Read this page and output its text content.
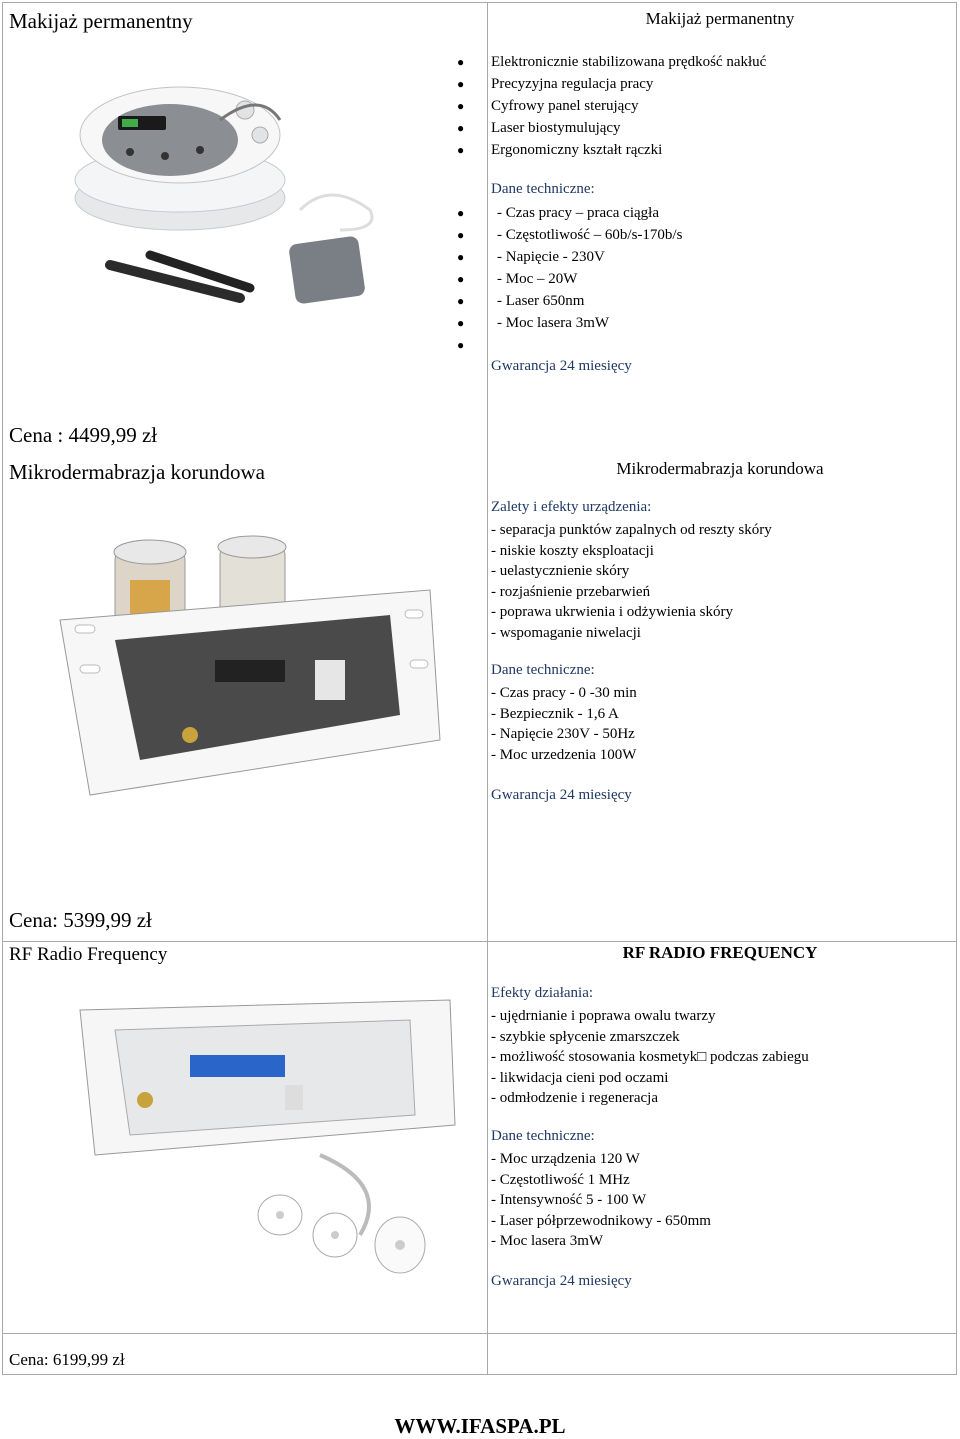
Makijaż permanentny	Makijaż permanentny
● Elektronicznie stabilizowana prędkość nakłuć
● Precyzyjna regulacja pracy
● Cyfrowy panel sterujący
● Laser biostymulujący
● Ergonomiczny kształt rączki
Dane techniczne:
● - Czas pracy – praca ciągła
● - Częstotliwość – 60b/s-170b/s
● - Napięcie - 230V
● - Moc – 20W
● - Laser 650nm
● - Moc lasera 3mW
●
Gwarancja 24 miesięcy
Cena : 4499,99 zł
Mikrodermabrazja korundowa	Mikrodermabrazja korundowa
Zalety i efekty urządzenia:
- separacja punktów zapalnych od reszty skóry
- niskie koszty eksploatacji
- uelastycznienie skóry
- rozjaśnienie przebarwień
- poprawa ukrwienia i odżywienia skóry
- wspomaganie niwelacji
Dane techniczne:
- Czas pracy - 0 -30 min
- Bezpiecznik - 1,6 A
- Napięcie 230V - 50Hz
- Moc urzedzenia 100W
Gwarancja 24 miesięcy
Cena: 5399,99 zł
RF Radio Frequency	RF RADIO FREQUENCY
Efekty działania:
- ujędrnianie i poprawa owalu twarzy
- szybkie spłycenie zmarszczek
- możliwość stosowania kosmetyk□ podczas zabiegu
- likwidacja cieni pod oczami
- odmłodzenie i regeneracja
Dane techniczne:
- Moc urządzenia 120 W
- Częstotliwość 1 MHz
- Intensywność 5 - 100 W
- Laser półprzewodnikowy - 650mm
- Moc lasera 3mW
Gwarancja 24 miesięcy
Cena: 6199,99 zł
WWW.IFASPA.PL
